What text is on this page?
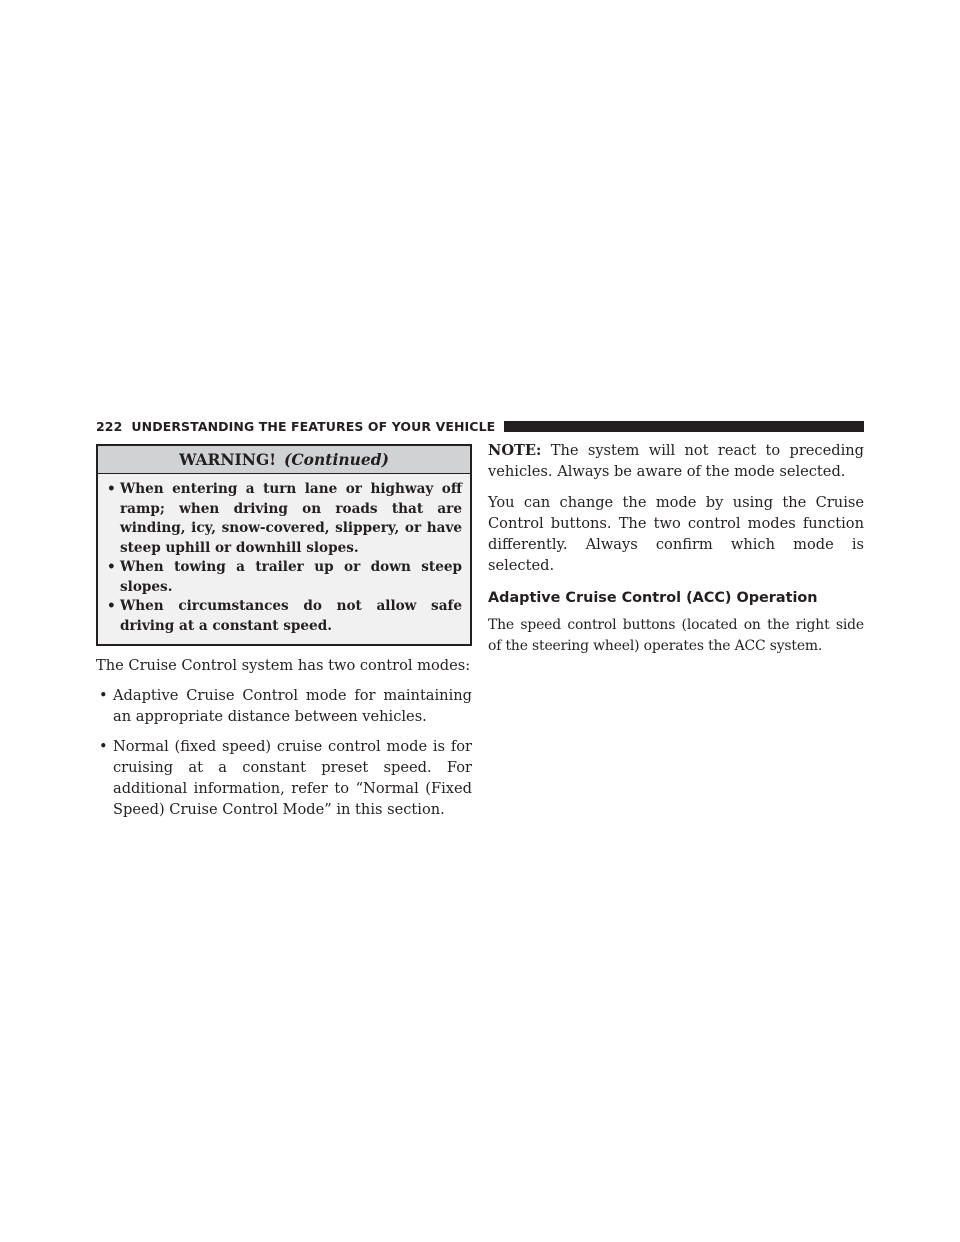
222 UNDERSTANDING THE FEATURES OF YOUR VEHICLE
WARNING! (Continued)
• When entering a turn lane or highway off ramp; when driving on roads that are winding, icy, snow-covered, slippery, or have steep uphill or downhill slopes.
• When towing a trailer up or down steep slopes.
• When circumstances do not allow safe driving at a constant speed.

The Cruise Control system has two control modes:

• Adaptive Cruise Control mode for maintaining an appropriate distance between vehicles.
• Normal (fixed speed) cruise control mode is for cruising at a constant preset speed. For additional information, refer to “Normal (Fixed Speed) Cruise Control Mode” in this section.

NOTE: The system will not react to preceding vehicles. Always be aware of the mode selected.

You can change the mode by using the Cruise Control buttons. The two control modes function differently. Always confirm which mode is selected.

Adaptive Cruise Control (ACC) Operation

The speed control buttons (located on the right side of the steering wheel) operates the ACC system.
